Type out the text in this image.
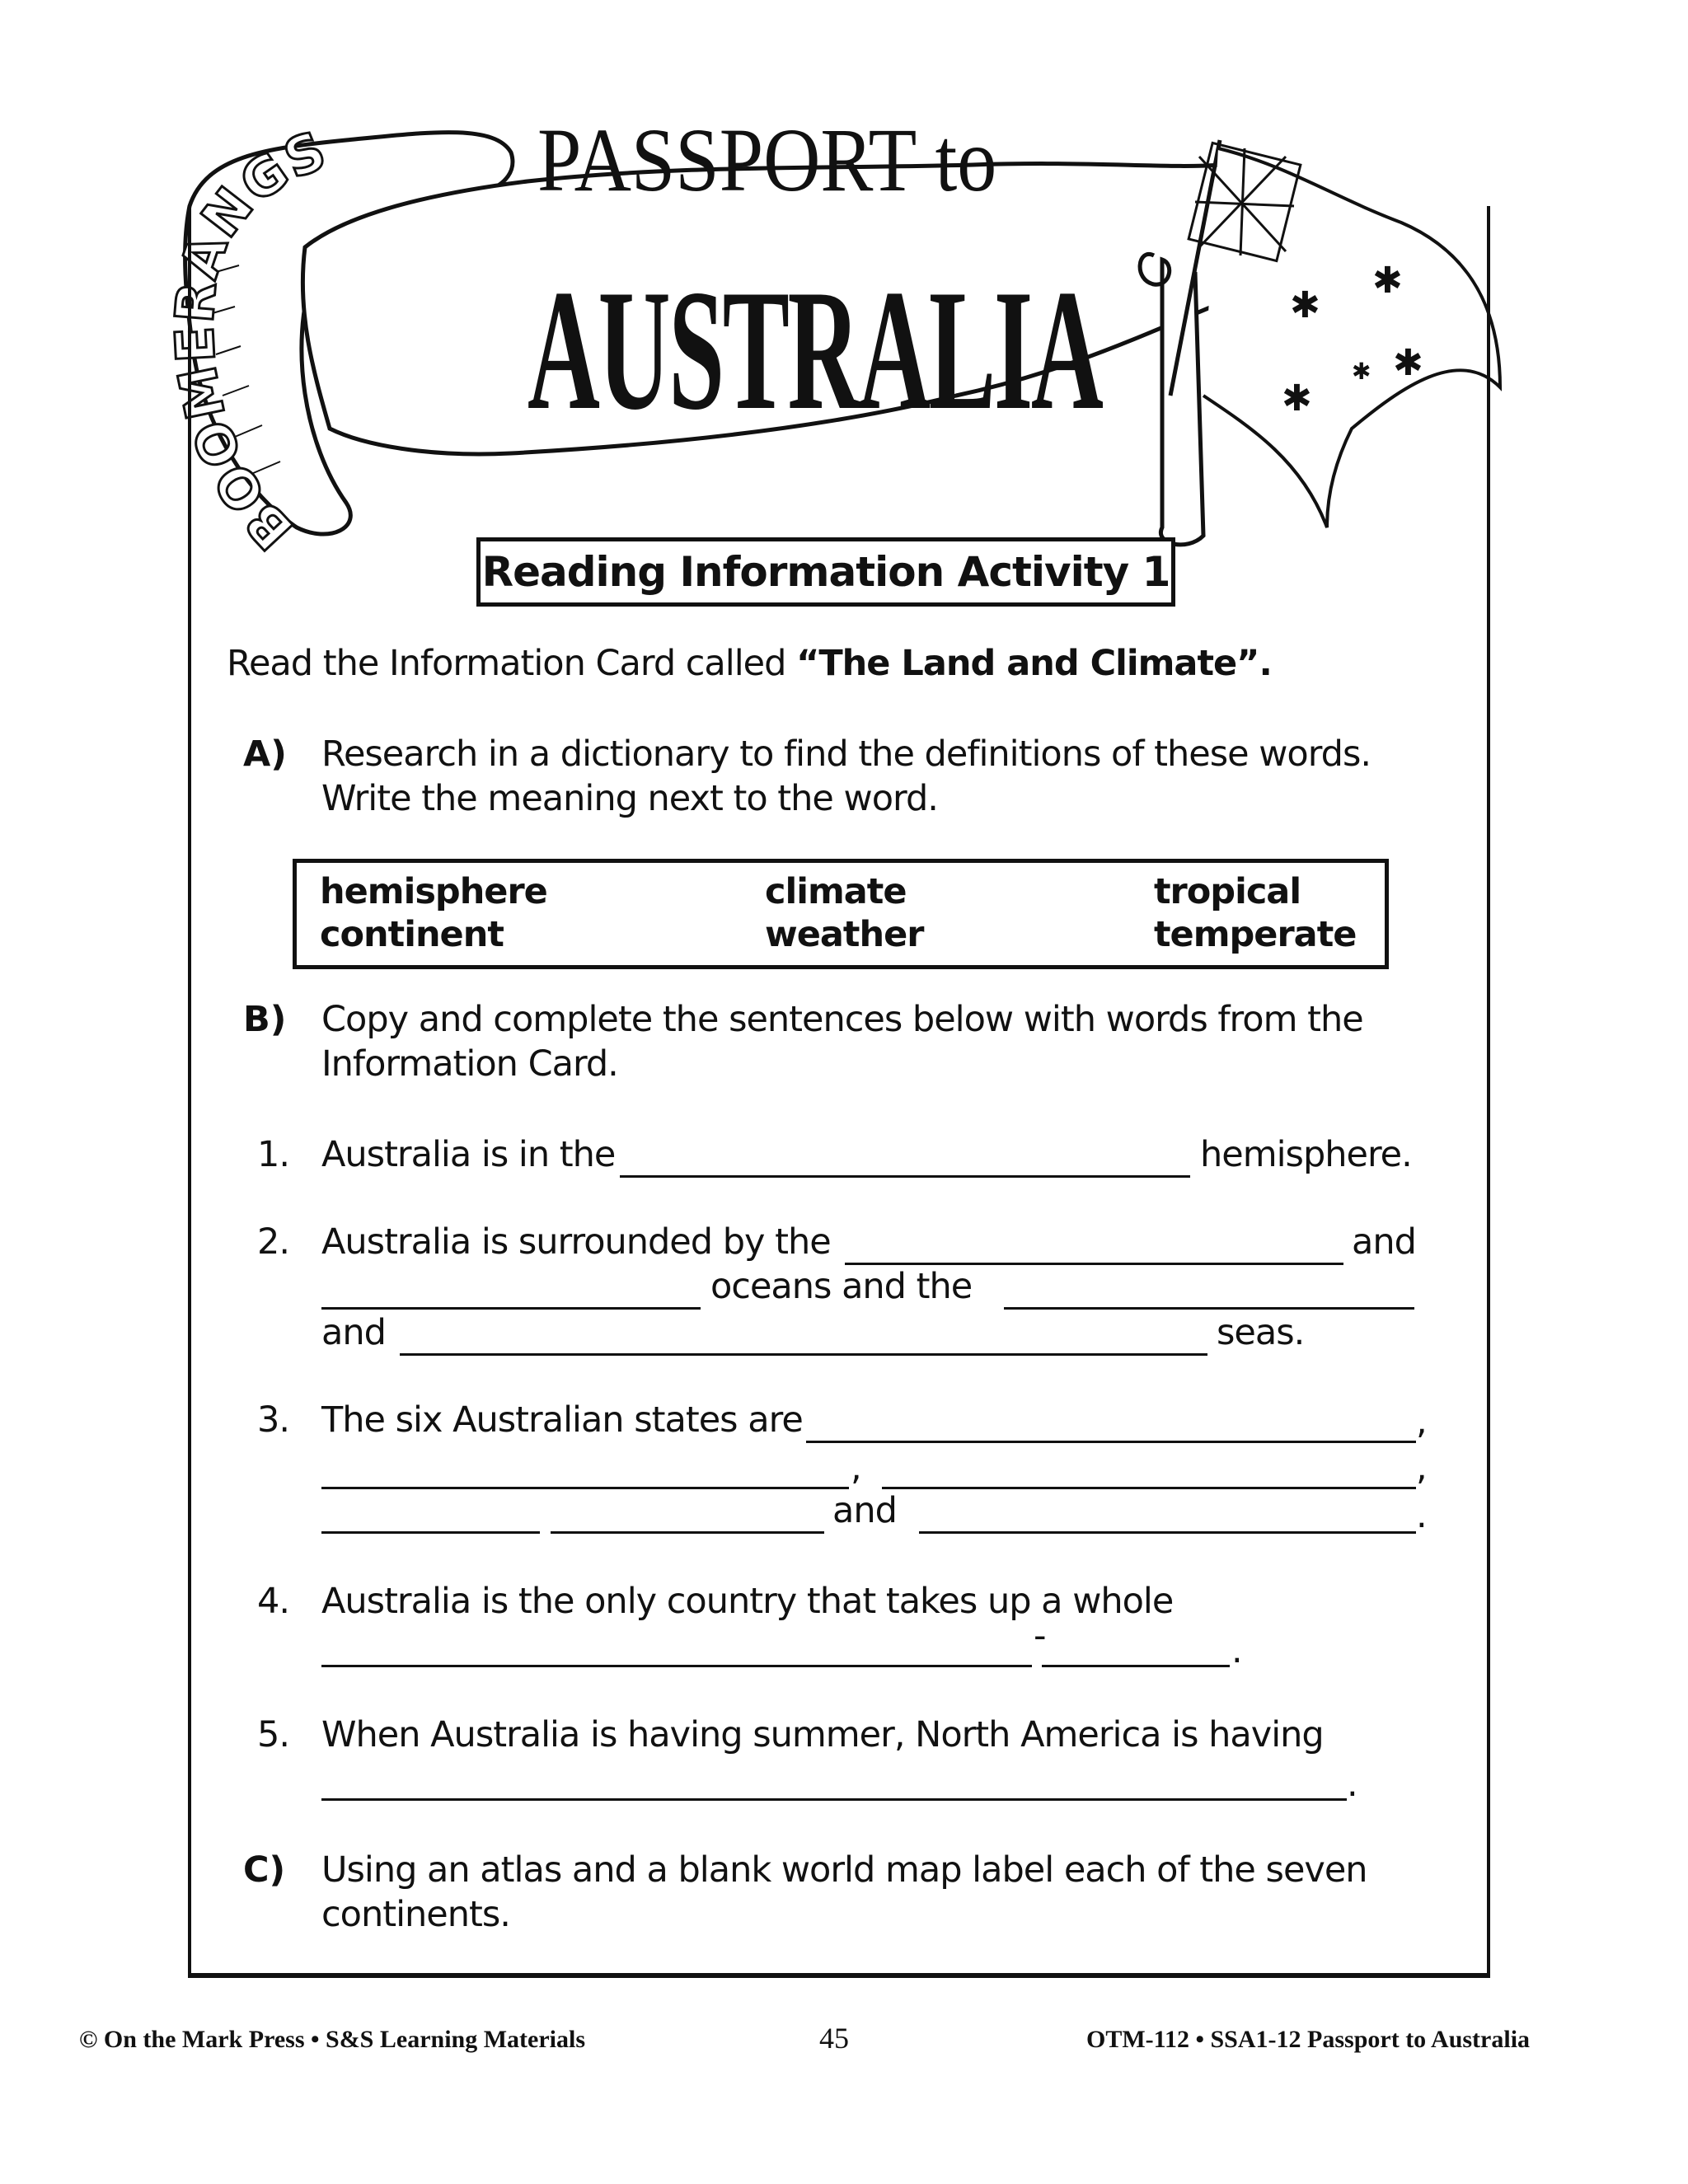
✱
✱
✱ ✱
✱
BOOMERANGS	PASSPORT to
AUSTRALIA
Reading Information Activity 1
Read the Information Card called “The Land and Climate”.
A) Research in a dictionary to find the definitions of these words.
Write the meaning next to the word.
hemisphere	climate	tropical
continent	weather	temperate
B) Copy and complete the sentences below with words from the
Information Card.
1. Australia is in the	hemisphere.
2. Australia is surrounded by the	and
oceans and the
and	seas.
3. The six Australian states are	,
,	,
and	.
4. Australia is the only country that takes up a whole
-	.
5. When Australia is having summer, North America is having
.
C) Using an atlas and a blank world map label each of the seven
continents.
© On the Mark Press • S&S Learning Materials	45	OTM-112 • SSA1-12 Passport to Australia
